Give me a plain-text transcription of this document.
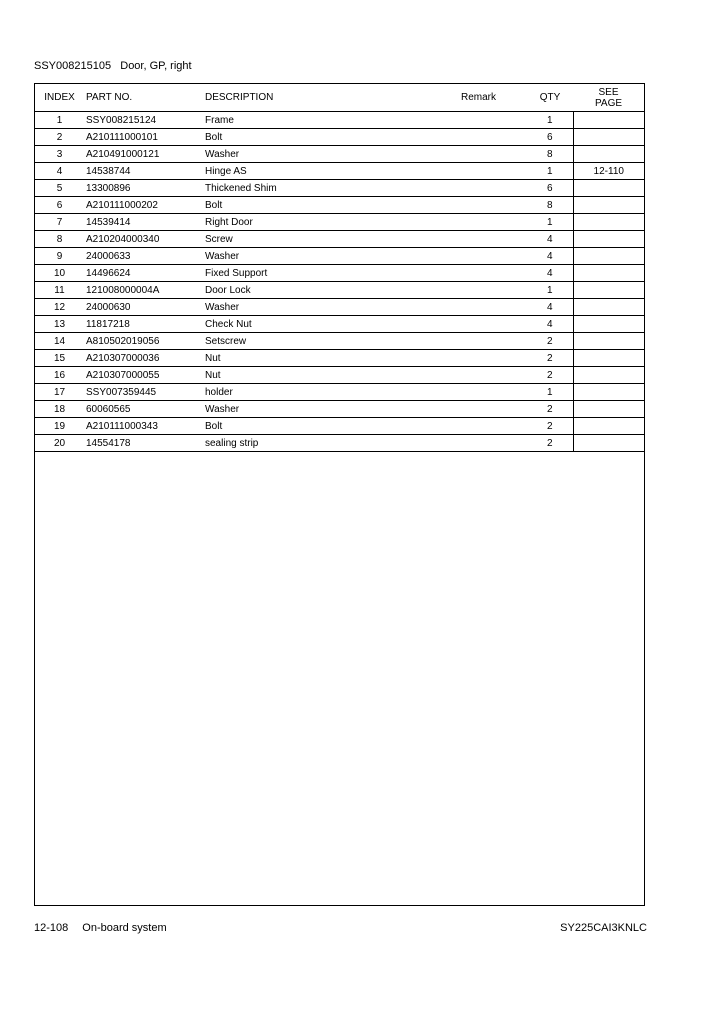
SSY008215105 Door, GP, right
INDEX	PART NO.	DESCRIPTION	Remark	QTY	SEE
PAGE
1	SSY008215124	Frame		1	
2	A210111000101	Bolt		6	
3	A210491000121	Washer		8	
4	14538744	Hinge AS		1	12-110
5	13300896	Thickened Shim		6	
6	A210111000202	Bolt		8	
7	14539414	Right Door		1	
8	A210204000340	Screw		4	
9	24000633	Washer		4	
10	14496624	Fixed Support		4	
11	121008000004A	Door Lock		1	
12	24000630	Washer		4	
13	11817218	Check Nut		4	
14	A810502019056	Setscrew		2	
15	A210307000036	Nut		2	
16	A210307000055	Nut		2	
17	SSY007359445	holder		1	
18	60060565	Washer		2	
19	A210111000343	Bolt		2	
20	14554178	sealing strip		2	
12-108 On-board system	SY225CAI3KNLC
